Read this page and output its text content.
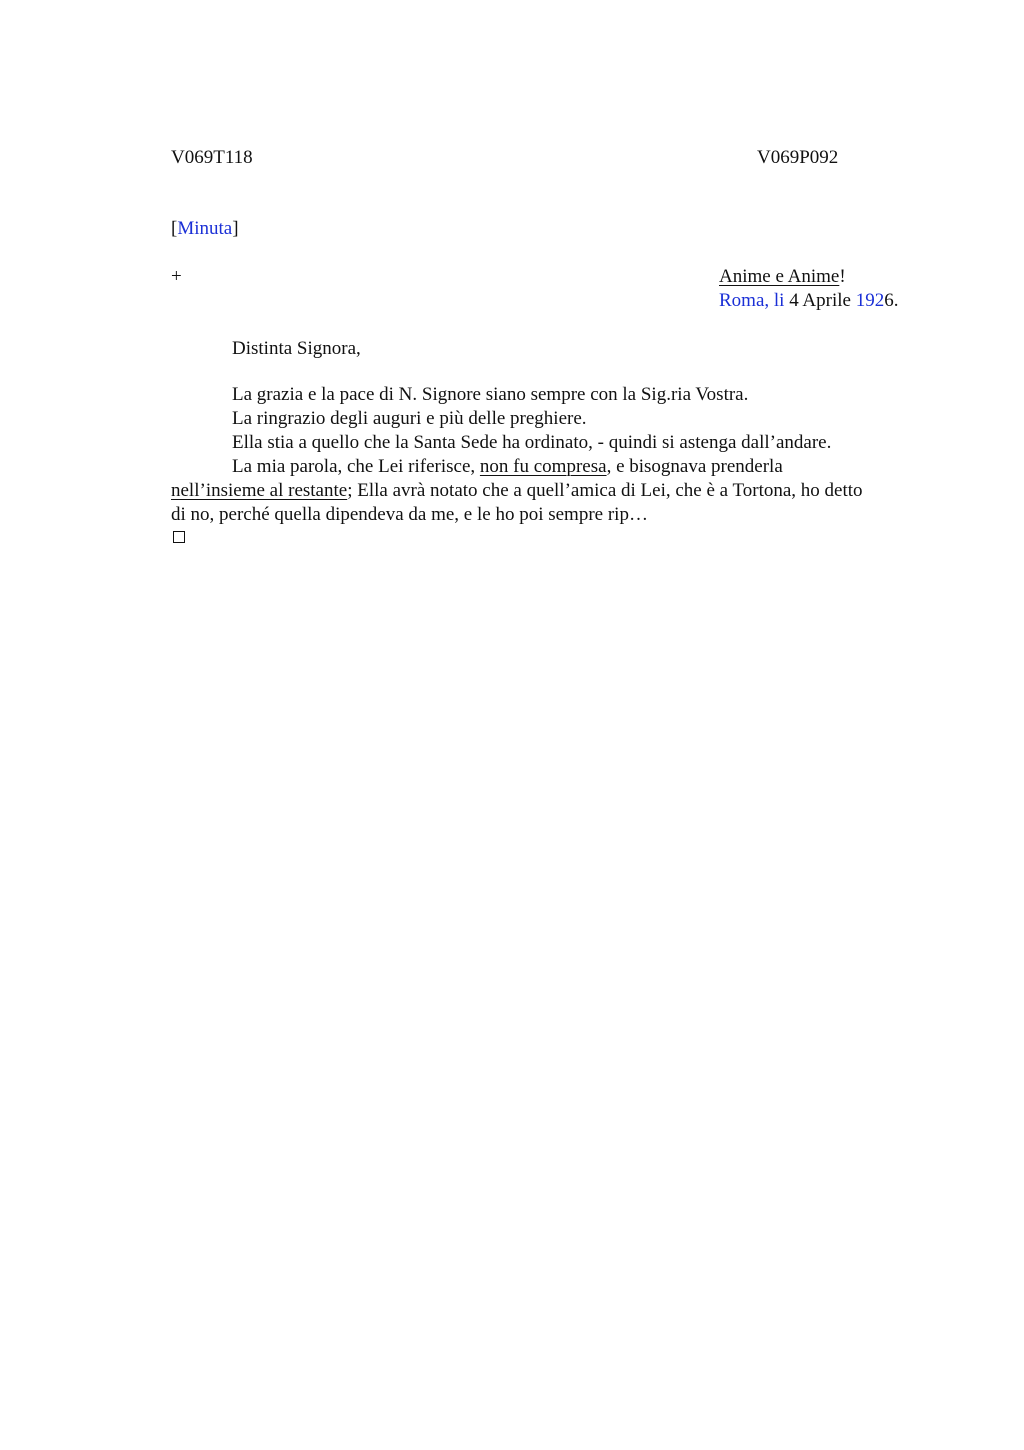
V069T118	V069P092
[Minuta]
+	Anime e Anime!
Roma, li 4 Aprile 1926.
Distinta Signora,
La grazia e la pace di N. Signore siano sempre con la Sig.ria Vostra.
La ringrazio degli auguri e più delle preghiere.
Ella stia a quello che la Santa Sede ha ordinato, - quindi si astenga dall’andare.
La mia parola, che Lei riferisce, non fu compresa, e bisognava prenderla
nell’insieme al restante; Ella avrà notato che a quell’amica di Lei, che è a Tortona, ho detto
di no, perché quella dipendeva da me, e le ho poi sempre rip…
